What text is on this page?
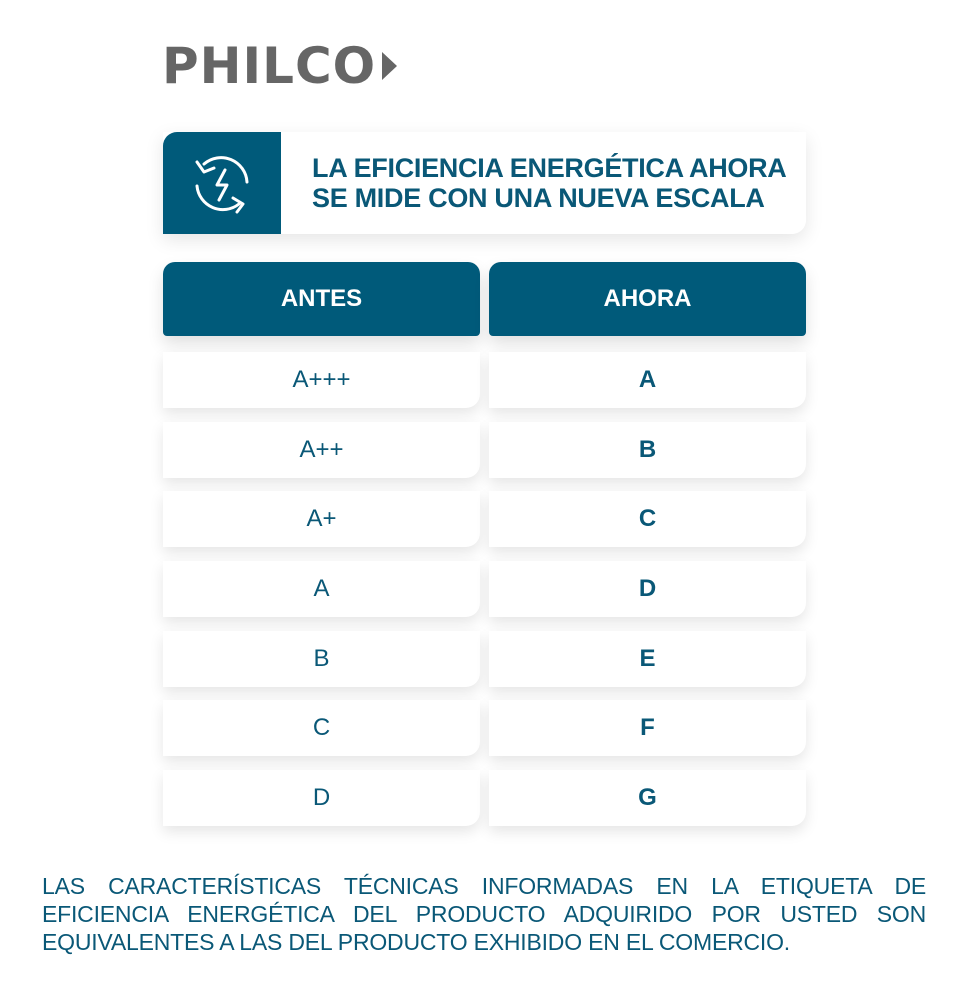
PHILCO
LA EFICIENCIA ENERGÉTICA AHORA
SE MIDE CON UNA NUEVA ESCALA
ANTES	AHORA
A+++	A
A++	B
A+	C
A	D
B	E
C	F
D	G
LAS CARACTERÍSTICAS TÉCNICAS INFORMADAS EN LA ETIQUETA DE EFICIENCIA ENERGÉTICA DEL PRODUCTO ADQUIRIDO POR USTED SON EQUIVALENTES A LAS DEL PRODUCTO EXHIBIDO EN EL COMERCIO.
